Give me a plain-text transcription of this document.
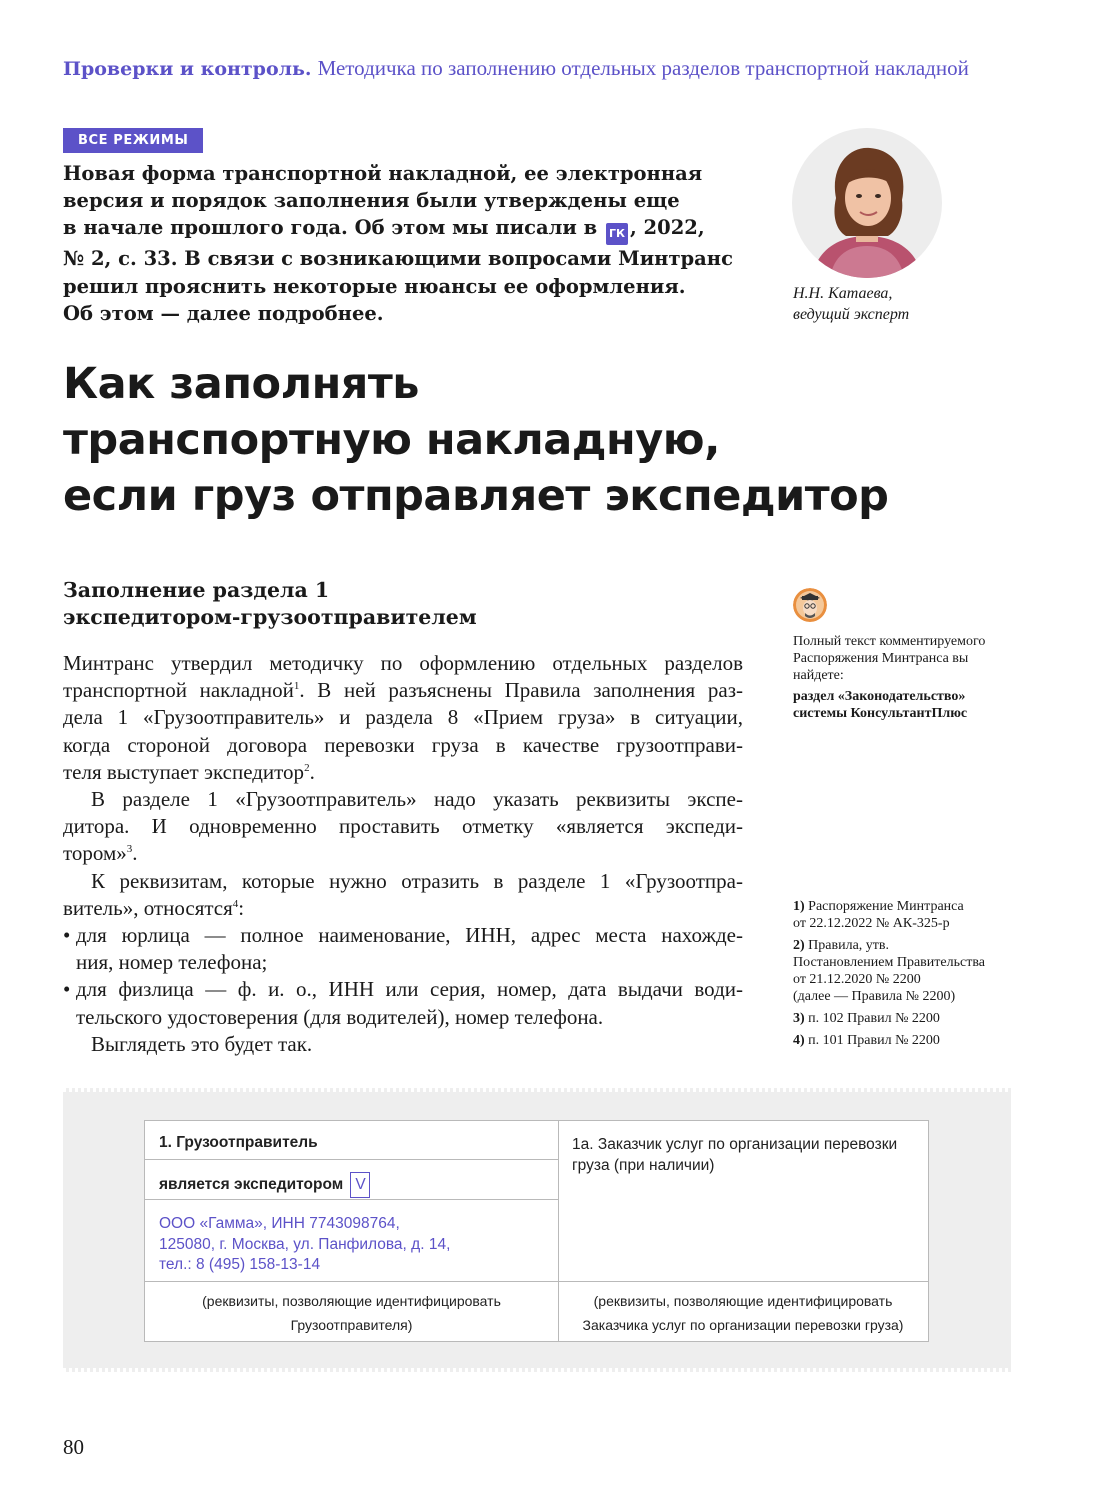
Проверки и контроль. Методичка по заполнению отдельных разделов транспортной накладной
ВСЕ РЕЖИМЫ
Новая форма транспортной накладной, ее электронная
версия и порядок заполнения были утверждены еще
в начале прошлого года. Об этом мы писали в ГК , 2022,
№ 2, с. 33. В связи с возникающими вопросами Минтранс
решил прояснить некоторые нюансы ее оформления.
Об этом — далее подробнее.
Н.Н. Катаева,
ведущий эксперт
Как заполнять
транспортную накладную,
если груз отправляет экспедитор
Заполнение раздела 1
экспедитором-грузоотправителем
Минтранс утвердил методичку по оформлению отдельных разделов
транспортной накладной$^1$. В ней разъяснены Правила заполнения раз-
дела 1 «Грузоотправитель» и раздела 8 «Прием груза» в ситуации,
когда стороной договора перевозки груза в качестве грузоотправи-
теля выступает экспедитор$^2$.
В разделе 1 «Грузоотправитель» надо указать реквизиты экспе-
дитора. И одновременно проставить отметку «является экспеди-
тором»$^3$.
К реквизитам, которые нужно отразить в разделе 1 «Грузоотпра-
витель», относятся$^4$:
• для юрлица — полное наименование, ИНН, адрес места нахожде-
ния, номер телефона;
• для физлица — ф. и. о., ИНН или серия, номер, дата выдачи води-
тельского удостоверения (для водителей), номер телефона.
Выглядеть это будет так.
Полный текст комментируемого
Распоряжения Минтранса вы
найдете:
раздел «Законодательство»
системы КонсультантПлюс
1) Распоряжение Минтранса
от 22.12.2022 № АК-325-р
2) Правила, утв.
Постановлением Правительства
от 21.12.2020 № 2200
(далее — Правила № 2200)
3) п. 102 Правил № 2200
4) п. 101 Правил № 2200
1. Грузоотправитель	1а. Заказчик услуг по организации перевозки груза (при наличии)
является экспедитором V
ООО «Гамма», ИНН 7743098764,
125080, г. Москва, ул. Панфилова, д. 14,
тел.: 8 (495) 158-13-14
(реквизиты, позволяющие идентифицировать
Грузоотправителя)
(реквизиты, позволяющие идентифицировать
Заказчика услуг по организации перевозки груза)
80
